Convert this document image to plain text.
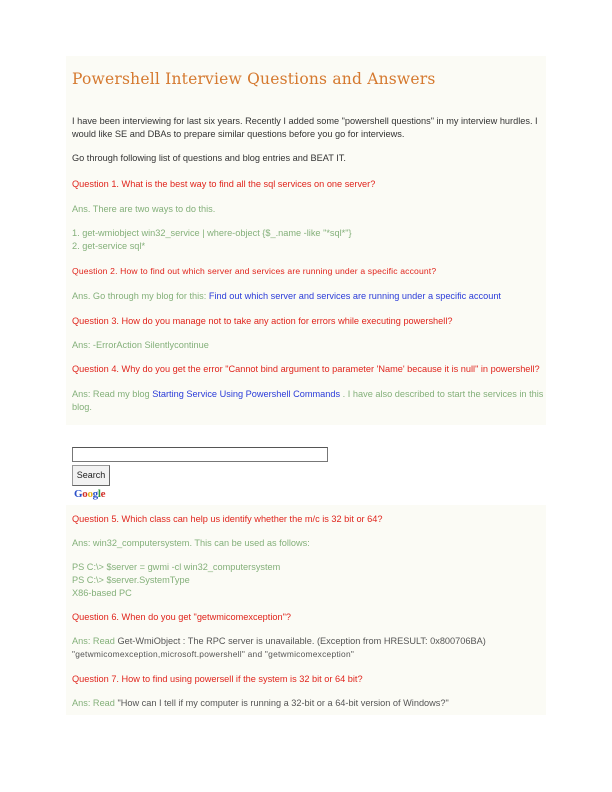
Powershell Interview Questions and Answers

I have been interviewing for last six years. Recently I added some "powershell questions" in my interview hurdles. I

would like SE and DBAs to prepare similar questions before you go for interviews.

Go through following list of questions and blog entries and BEAT IT.

Question 1. What is the best way to find all the sql services on one server?

Ans. There are two ways to do this.

1. get-wmiobject win32_service | where-object {$_.name -like "*sql*"}

2. get-service sql*

Question 2. How to find out which server and services are running under a specific account?

Ans. Go through my blog for this: Find out which server and services are running under a specific account

Question 3. How do you manage not to take any action for errors while executing powershell?

Ans: -ErrorAction Silentlycontinue

Question 4. Why do you get the error "Cannot bind argument to parameter 'Name' because it is null" in powershell?

Ans: Read my blog Starting Service Using Powershell Commands . I have also described to start the services in this

blog.

Search
Google

Question 5. Which class can help us identify whether the m/c is 32 bit or 64?

Ans: win32_computersystem. This can be used as follows:

PS C:\> $server = gwmi -cl win32_computersystem

PS C:\> $server.SystemType

X86-based PC

Question 6. When do you get "getwmicomexception"?

Ans: Read Get-WmiObject : The RPC server is unavailable. (Exception from HRESULT: 0x800706BA)

"getwmicomexception,microsoft.powershell" and "getwmicomexception"

Question 7. How to find using powersell if the system is 32 bit or 64 bit?

Ans: Read "How can I tell if my computer is running a 32-bit or a 64-bit version of Windows?"
